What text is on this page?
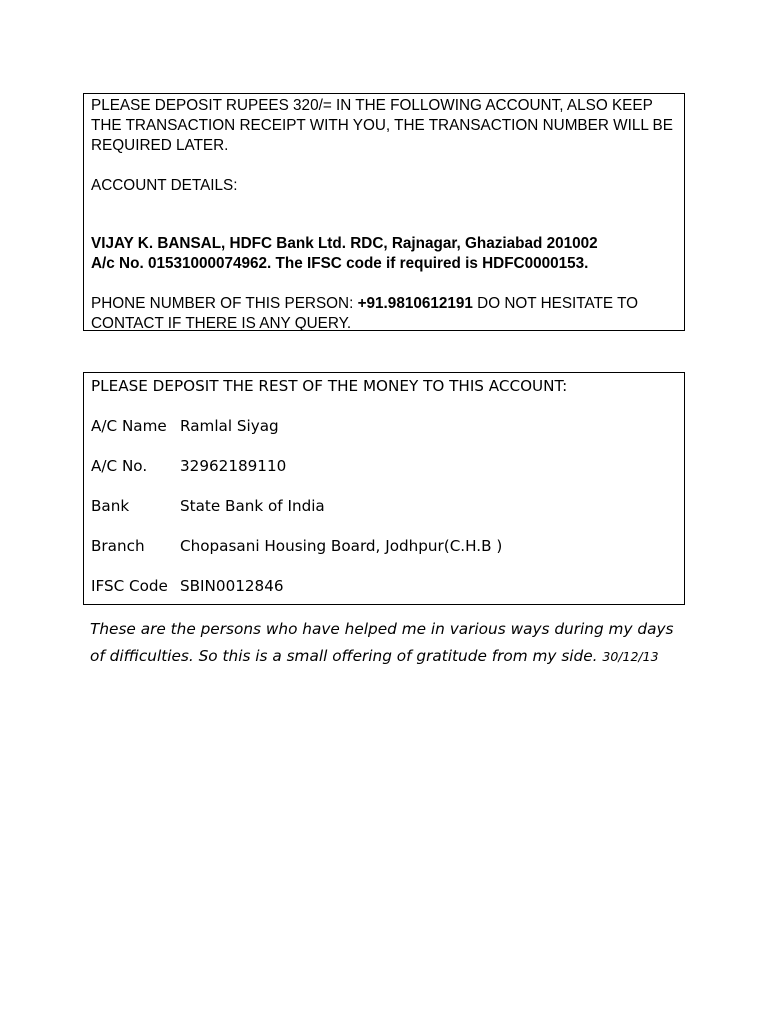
PLEASE DEPOSIT RUPEES 320/= IN THE FOLLOWING ACCOUNT, ALSO KEEP THE TRANSACTION RECEIPT WITH YOU, THE TRANSACTION NUMBER WILL BE REQUIRED LATER.

ACCOUNT DETAILS:

VIJAY K. BANSAL, HDFC Bank Ltd. RDC, Rajnagar, Ghaziabad 201002

A/c No. 01531000074962. The IFSC code if required is HDFC0000153.

PHONE NUMBER OF THIS PERSON: +91.9810612191 DO NOT HESITATE TO CONTACT IF THERE IS ANY QUERY.

PLEASE DEPOSIT THE REST OF THE MONEY TO THIS ACCOUNT:

A/C Name Ramlal Siyag
A/C No. 32962189110
Bank	State Bank of India
Branch Chopasani Housing Board, Jodhpur(C.H.B )
IFSC Code SBIN0012846
These are the persons who have helped me in various ways during my days of difficulties. So this is a small offering of gratitude from my side. 30/12/13
